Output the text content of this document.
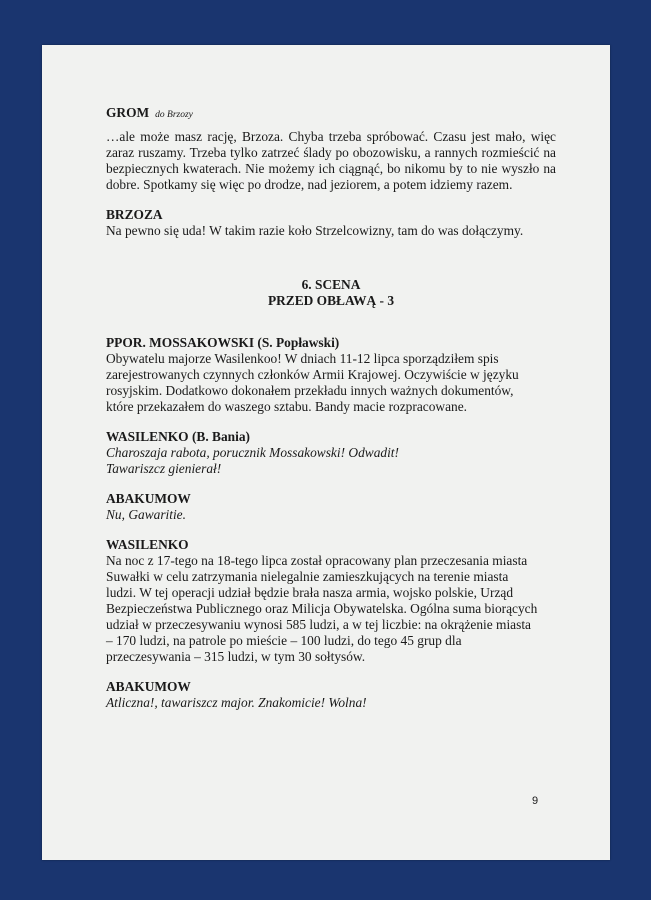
GROM do Brzozy

…ale może masz rację, Brzoza. Chyba trzeba spróbować. Czasu jest mało, więc zaraz ruszamy. Trzeba tylko zatrzeć ślady po obozowisku, a rannych rozmieścić na bezpiecznych kwaterach. Nie możemy ich ciągnąć, bo nikomu by to nie wyszło na dobre. Spotkamy się więc po drodze, nad jeziorem, a potem idziemy razem.

BRZOZA

Na pewno się uda! W takim razie koło Strzelcowizny, tam do was dołączymy.

6. SCENA

PRZED OBŁAWĄ - 3

PPOR. MOSSAKOWSKI (S. Popławski)

Obywatelu majorze Wasilenkoo! W dniach 11-12 lipca sporządziłem spis

zarejestrowanych czynnych członków Armii Krajowej. Oczywiście w języku

rosyjskim. Dodatkowo dokonałem przekładu innych ważnych dokumentów,

które przekazałem do waszego sztabu. Bandy macie rozpracowane.

WASILENKO (B. Bania)

Charoszaja rabota, porucznik Mossakowski! Odwadit!

Tawariszcz gienierał!

ABAKUMOW

Nu, Gawaritie.

WASILENKO

Na noc z 17-tego na 18-tego lipca został opracowany plan przeczesania miasta

Suwałki w celu zatrzymania nielegalnie zamieszkujących na terenie miasta

ludzi. W tej operacji udział będzie brała nasza armia, wojsko polskie, Urząd

Bezpieczeństwa Publicznego oraz Milicja Obywatelska. Ogólna suma biorących

udział w przeczesywaniu wynosi 585 ludzi, a w tej liczbie: na okrążenie miasta

– 170 ludzi, na patrole po mieście – 100 ludzi, do tego 45 grup dla

przeczesywania – 315 ludzi, w tym 30 sołtysów.

ABAKUMOW

Atliczna!, tawariszcz major. Znakomicie! Wolna!

9
